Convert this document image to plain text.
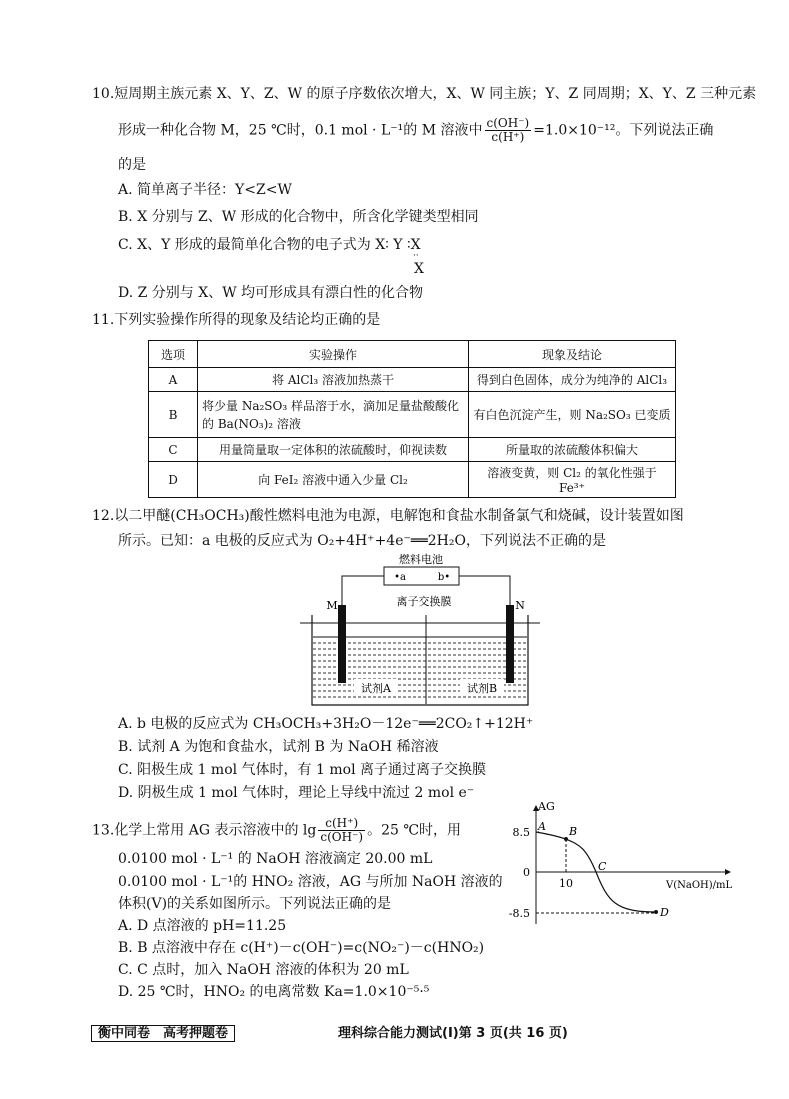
10.短周期主族元素 X、Y、Z、W 的原子序数依次增大，X、W 同主族；Y、Z 同周期；X、Y、Z 三种元素
形成一种化合物 M，25 ℃时，0.1 mol · L⁻¹的 M 溶液中 $\frac{c(OH^-)}{c(H^+)} =1.0\times 10^{-12}$。下列说法正确
的是
A. 简单离子半径：Y<Z<W
B. X 分别与 Z、W 形成的化合物中，所含化学键类型相同
C. X、Y 形成的最简单化合物的电子式为 X∶ Y ∶X
··
X
D. Z 分别与 X、W 均可形成具有漂白性的化合物
11.下列实验操作所得的现象及结论均正确的是
选项	实验操作	现象及结论
A	将 AlCl₃ 溶液加热蒸干	得到白色固体，成分为纯净的 AlCl₃
B	将少量 Na₂SO₃ 样品溶于水，滴加足量盐酸酸化的 Ba(NO₃)₂ 溶液	有白色沉淀产生，则 Na₂SO₃ 已变质
C	用量筒量取一定体积的浓硫酸时，仰视读数	所量取的浓硫酸体积偏大
D	向 FeI₂ 溶液中通入少量 Cl₂	溶液变黄，则 Cl₂ 的氧化性强于 Fe³⁺
12.以二甲醚(CH₃OCH₃)酸性燃料电池为电源，电解饱和食盐水制备氯气和烧碱，设计装置如图
所示。已知：a 电极的反应式为 O₂+4H⁺+4e⁻══2H₂O，下列说法不正确的是
燃料电池
•a	b•
M	N
离子交换膜
试剂A	试剂B
A. b 电极的反应式为 CH₃OCH₃+3H₂O－12e⁻══2CO₂↑+12H⁺
B. 试剂 A 为饱和食盐水，试剂 B 为 NaOH 稀溶液
C. 阳极生成 1 mol 气体时，有 1 mol 离子通过离子交换膜
D. 阴极生成 1 mol 气体时，理论上导线中流过 2 mol e⁻
13.化学上常用 AG 表示溶液中的 $\lg \frac{c(H^+)}{c(OH^-)}$ 。25 ℃时，用
0.0100 mol · L⁻¹ 的 NaOH 溶液滴定 20.00 mL
0.0100 mol · L⁻¹的 HNO₂ 溶液，AG 与所加 NaOH 溶液的
体积(V)的关系如图所示。下列说法正确的是
A. D 点溶液的 pH=11.25
B. B 点溶液中存在 c(H⁺)－c(OH⁻)=c(NO₂⁻)－c(HNO₂)
C. C 点时，加入 NaOH 溶液的体积为 20 mL
D. 25 ℃时，HNO₂ 的电离常数 Ka=1.0×10⁻⁵·⁵
AG
V(NaOH)/mL
8.5
0
-8.5
10
A B
C
D
衡中同卷　高考押题卷	理科综合能力测试(Ⅰ)第 3 页(共 16 页)
